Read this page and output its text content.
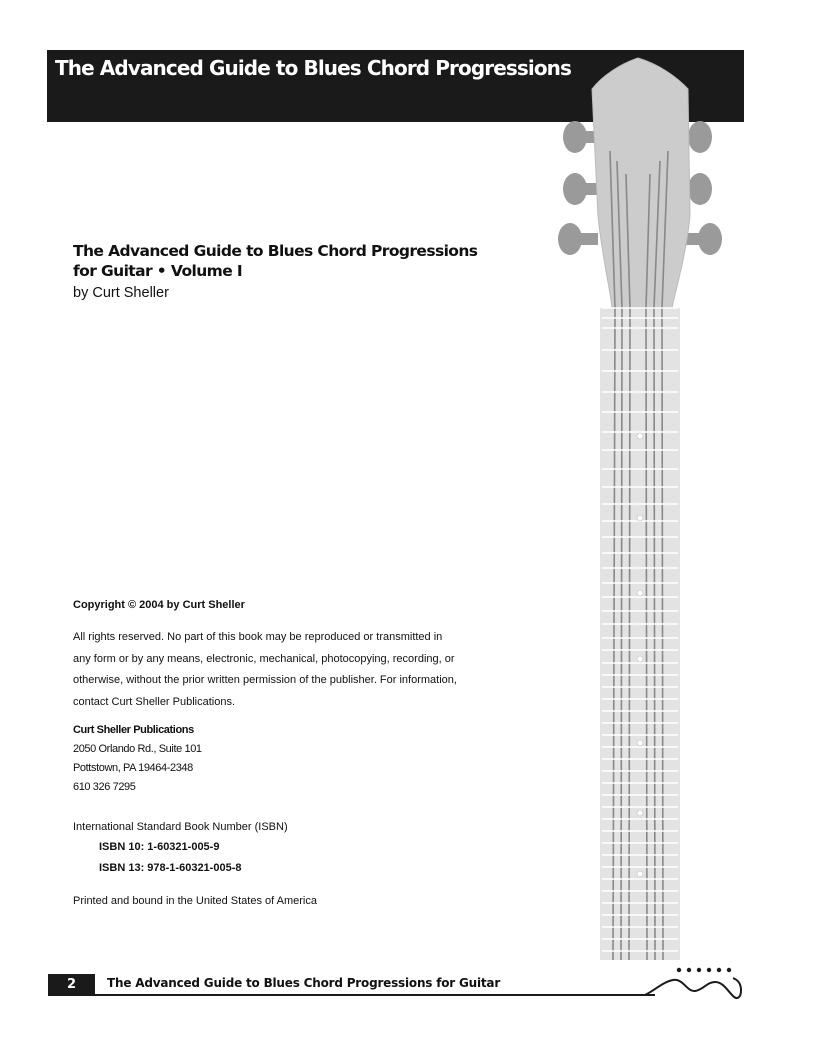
The Advanced Guide to Blues Chord Progressions
The Advanced Guide to Blues Chord Progressions
for Guitar • Volume I
by Curt Sheller
Copyright © 2004 by Curt Sheller
All rights reserved. No part of this book may be reproduced or transmitted in
any form or by any means, electronic, mechanical, photocopying, recording, or
otherwise, without the prior written permission of the publisher. For information,
contact Curt Sheller Publications.
Curt Sheller Publications
2050 Orlando Rd., Suite 101
Pottstown, PA 19464-2348
610 326 7295
International Standard Book Number (ISBN)
ISBN 10: 1-60321-005-9
ISBN 13: 978-1-60321-005-8
Printed and bound in the United States of America
2	The Advanced Guide to Blues Chord Progressions for Guitar
